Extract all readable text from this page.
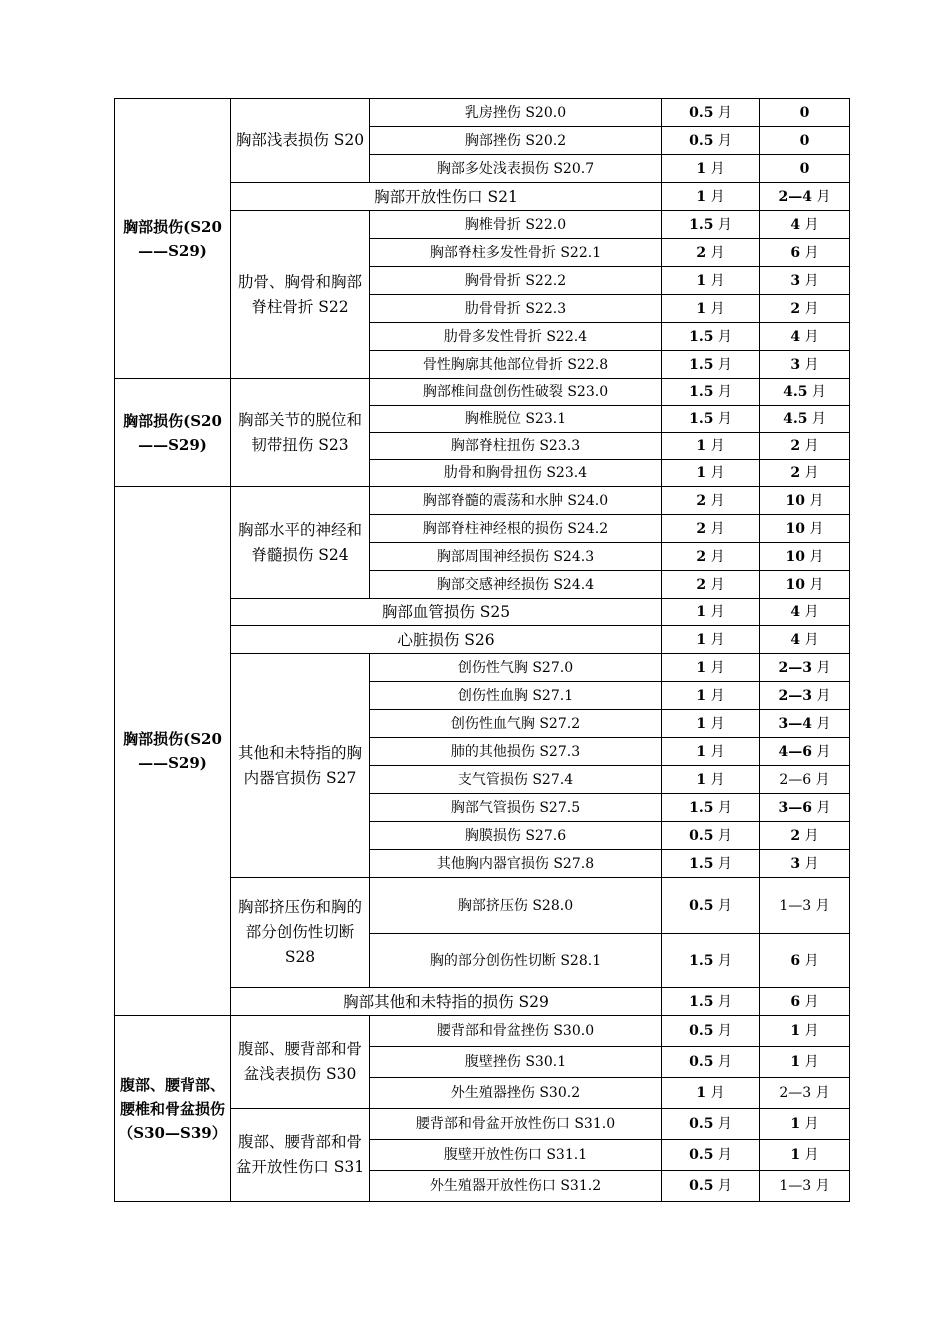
胸部损伤(S20——S29)	胸部浅表损伤 S20	乳房挫伤 S20.0	0.5 月	0
		胸部挫伤 S20.2	0.5 月	0
		胸部多处浅表损伤 S20.7	1 月	0
	胸部开放性伤口 S21		1 月	2—4 月
	肋骨、胸骨和胸部脊柱骨折 S22	胸椎骨折 S22.0	1.5 月	4 月
		胸部脊柱多发性骨折 S22.1	2 月	6 月
		胸骨骨折 S22.2	1 月	3 月
		肋骨骨折 S22.3	1 月	2 月
		肋骨多发性骨折 S22.4	1.5 月	4 月
		骨性胸廓其他部位骨折 S22.8	1.5 月	3 月
胸部损伤(S20——S29)	胸部关节的脱位和韧带扭伤 S23	胸部椎间盘创伤性破裂 S23.0	1.5 月	4.5 月
		胸椎脱位 S23.1	1.5 月	4.5 月
		胸部脊柱扭伤 S23.3	1 月	2 月
		肋骨和胸骨扭伤 S23.4	1 月	2 月
胸部损伤(S20——S29)	胸部水平的神经和脊髓损伤 S24	胸部脊髓的震荡和水肿 S24.0	2 月	10 月
		胸部脊柱神经根的损伤 S24.2	2 月	10 月
		胸部周围神经损伤 S24.3	2 月	10 月
		胸部交感神经损伤 S24.4	2 月	10 月
	胸部血管损伤 S25		1 月	4 月
	心脏损伤 S26		1 月	4 月
	其他和未特指的胸内器官损伤 S27	创伤性气胸 S27.0	1 月	2—3 月
		创伤性血胸 S27.1	1 月	2—3 月
		创伤性血气胸 S27.2	1 月	3—4 月
		肺的其他损伤 S27.3	1 月	4—6 月
		支气管损伤 S27.4	1 月	2—6 月
		胸部气管损伤 S27.5	1.5 月	3—6 月
		胸膜损伤 S27.6	0.5 月	2 月
		其他胸内器官损伤 S27.8	1.5 月	3 月
	胸部挤压伤和胸的部分创伤性切断 S28	胸部挤压伤 S28.0	0.5 月	1—3 月
		胸的部分创伤性切断 S28.1	1.5 月	6 月
	胸部其他和未特指的损伤 S29		1.5 月	6 月
腹部、腰背部、腰椎和骨盆损伤（S30—S39）	腹部、腰背部和骨盆浅表损伤 S30	腰背部和骨盆挫伤 S30.0	0.5 月	1 月
		腹壁挫伤 S30.1	0.5 月	1 月
		外生殖器挫伤 S30.2	1 月	2—3 月
	腹部、腰背部和骨盆开放性伤口 S31	腰背部和骨盆开放性伤口 S31.0	0.5 月	1 月
		腹壁开放性伤口 S31.1	0.5 月	1 月
		外生殖器开放性伤口 S31.2	0.5 月	1—3 月
